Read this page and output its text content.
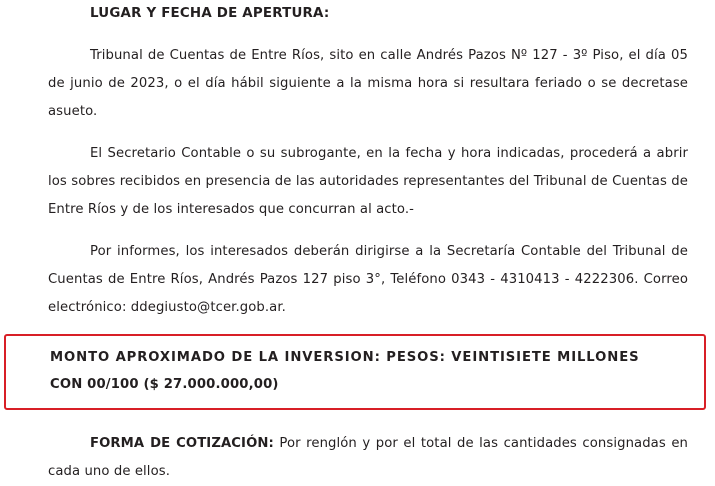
LUGAR Y FECHA DE APERTURA:

Tribunal de Cuentas de Entre Ríos, sito en calle Andrés Pazos Nº 127 - 3º Piso, el día 05 de junio de 2023, o el día hábil siguiente a la misma hora si resultara feriado o se decretase asueto.

El Secretario Contable o su subrogante, en la fecha y hora indicadas, procederá a abrir los sobres recibidos en presencia de las autoridades representantes del Tribunal de Cuentas de Entre Ríos y de los interesados que concurran al acto.-

Por informes, los interesados deberán dirigirse a la Secretaría Contable del Tribunal de Cuentas de Entre Ríos, Andrés Pazos 127 piso 3°, Teléfono 0343 - 4310413 - 4222306. Correo electrónico: ddegiusto@tcer.gob.ar.

MONTO APROXIMADO DE LA INVERSION: PESOS: VEINTISIETE MILLONES

CON 00/100 ($ 27.000.000,00)

FORMA DE COTIZACIÓN: Por renglón y por el total de las cantidades consignadas en cada uno de ellos.
